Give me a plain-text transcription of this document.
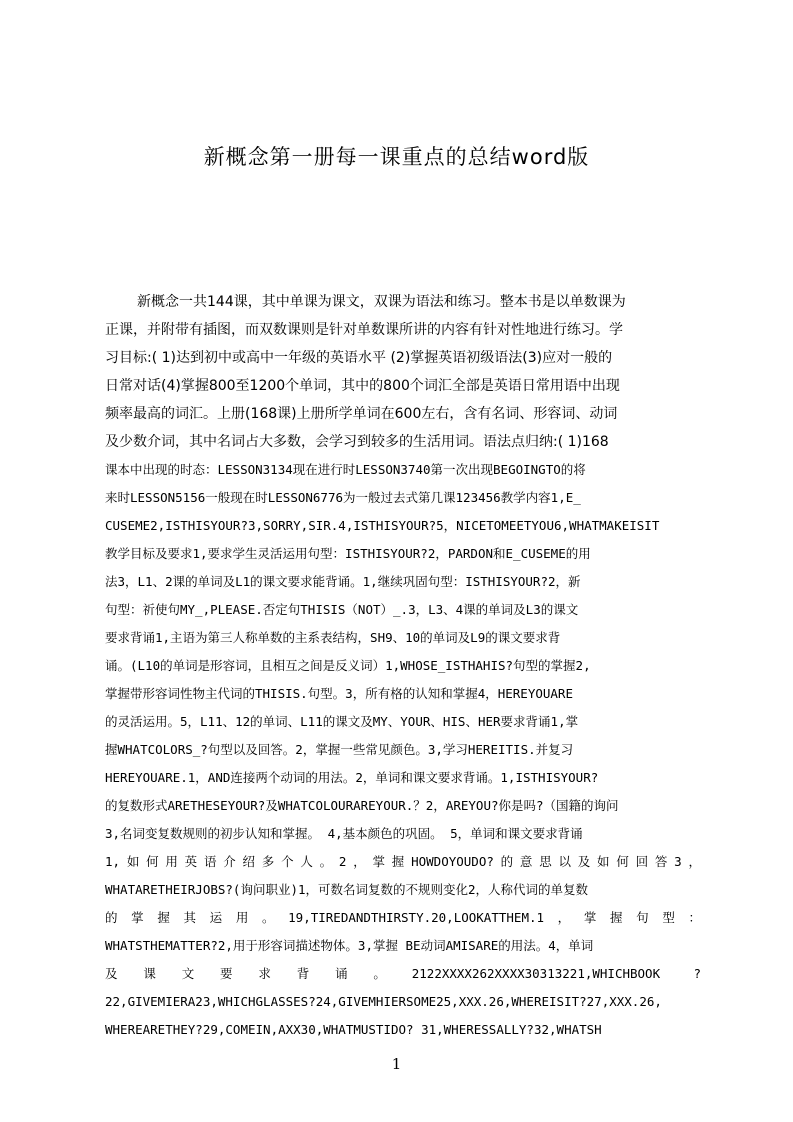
新概念第一册每一课重点的总结word版
新概念一共144课，其中单课为课文，双课为语法和练习。整本书是以单数课为
正课，并附带有插图，而双数课则是针对单数课所讲的内容有针对性地进行练习。学
习目标:( 1)达到初中或高中一年级的英语水平 (2)掌握英语初级语法(3)应对一般的
日常对话(4)掌握800至1200个单词，其中的800个词汇全部是英语日常用语中出现
频率最高的词汇。上册(168课)上册所学单词在600左右，含有名词、形容词、动词
及少数介词，其中名词占大多数，会学习到较多的生活用词。语法点归纳:( 1)168
课本中出现的时态：LESSON3134现在进行时LESSON3740第一次出现BEGOINGTO的将
来时LESSON5156一般现在时LESSON6776为一般过去式第几课123456教学内容1,E_
CUSEME2,ISTHISYOUR?3,SORRY,SIR.4,ISTHISYOUR?5，NICETOMEETYOU6,WHATMAKEISIT
教学目标及要求1,要求学生灵活运用句型：ISTHISYOUR?2，PARDON和E_CUSEME的用
法3，L1、2课的单词及L1的课文要求能背诵。1,继续巩固句型：ISTHISYOUR?2，新
句型：祈使句MY_,PLEASE.否定句THISIS（NOT）_.3，L3、4课的单词及L3的课文
要求背诵1,主语为第三人称单数的主系表结构，SH9、10的单词及L9的课文要求背
诵。(L10的单词是形容词，且相互之间是反义词）1,WHOSE_ISTHAHIS?句型的掌握2,
掌握带形容词性物主代词的THISIS.句型。3，所有格的认知和掌握4，HEREYOUARE
的灵活运用。5，L11、12的单词、L11的课文及MY、YOUR、HIS、HER要求背诵1,掌
握WHATCOLORS_?句型以及回答。2，掌握一些常见颜色。3,学习HEREITIS.并复习
HEREYOUARE.1，AND连接两个动词的用法。2，单词和课文要求背诵。1,ISTHISYOUR?
的复数形式ARETHESEYOUR?及WHATCOLOURAREYOUR.？2，AREYOU?你是吗?（国籍的询问
3,名词变复数规则的初步认知和掌握。 4,基本颜色的巩固。 5，单词和课文要求背诵
1,如何用英语介绍多个人。2，掌握HOWDOYOUDO?的意思以及如何回答3，
WHATARETHEIRJOBS?(询问职业)1，可数名词复数的不规则变化2，人称代词的单复数
的掌握其运用。19,TIREDANDTHIRSTY.20,LOOKATTHEM.1，掌握句型：
WHATSTHEMATTER?2,用于形容词描述物体。3,掌握 BE动词AMISARE的用法。4，单词
及课文要求背诵。2122XXXX262XXXX30313221,WHICHBOOK ?
22,GIVEMIERA23,WHICHGLASSES?24,GIVEMHIERSOME25,XXX.26,WHEREISIT?27,XXX.26,
WHEREARETHEY?29,COMEIN,AXX30,WHATMUSTIDO? 31,WHERESSALLY?32,WHATSH
1
